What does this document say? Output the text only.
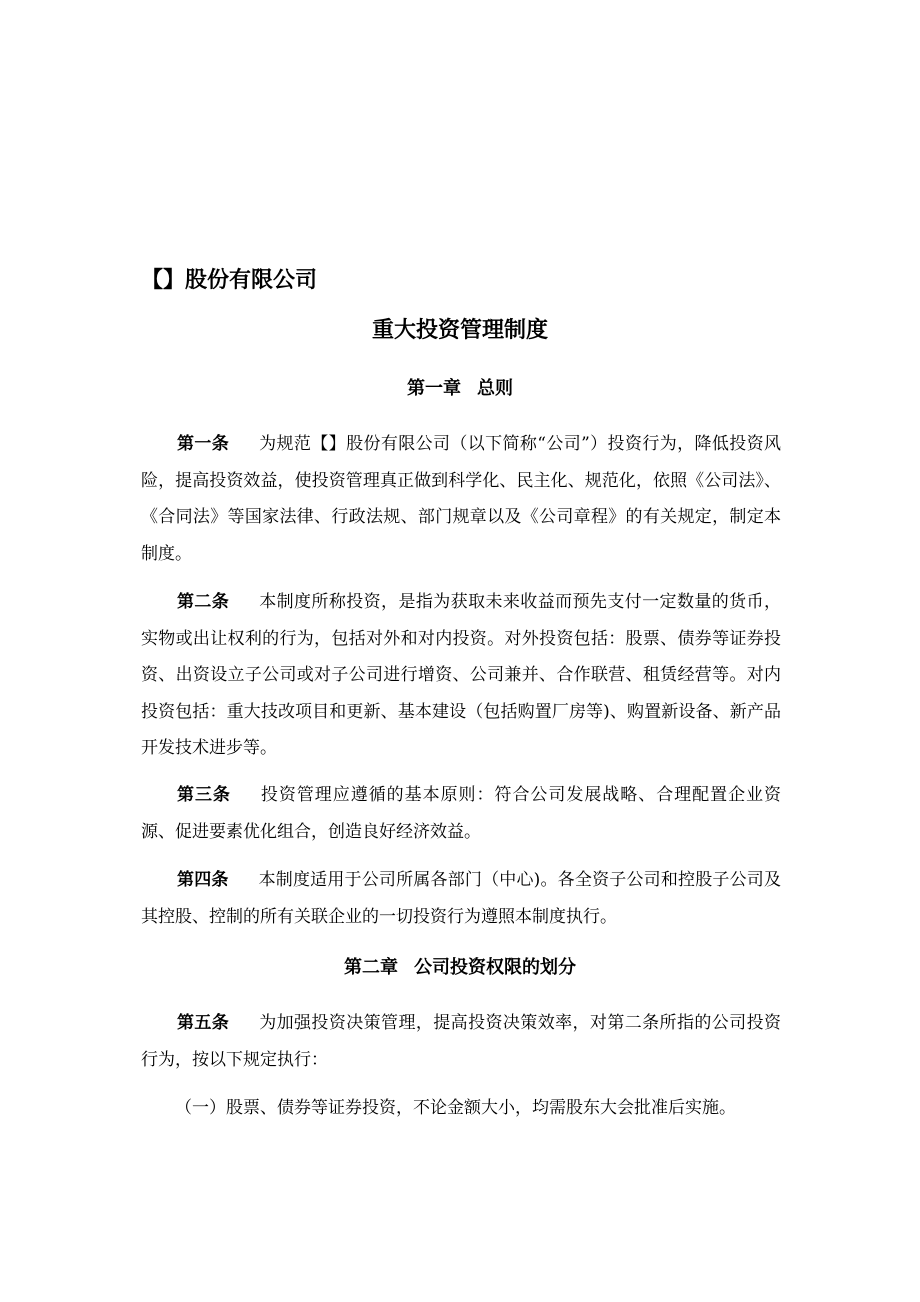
【】股份有限公司
重大投资管理制度
第一章 总则

第一条 为规范【】股份有限公司（以下简称“公司”）投资行为，降低投资风险，提高投资效益，使投资管理真正做到科学化、民主化、规范化，依照《公司法》、《合同法》等国家法律、行政法规、部门规章以及《公司章程》的有关规定，制定本制度。

第二条 本制度所称投资，是指为获取未来收益而预先支付一定数量的货币，实物或出让权利的行为，包括对外和对内投资。对外投资包括：股票、债券等证券投资、出资设立子公司或对子公司进行增资、公司兼并、合作联营、租赁经营等。对内投资包括：重大技改项目和更新、基本建设（包括购置厂房等)、购置新设备、新产品开发技术进步等。

第三条 投资管理应遵循的基本原则：符合公司发展战略、合理配置企业资源、促进要素优化组合，创造良好经济效益。

第四条 本制度适用于公司所属各部门（中心)。各全资子公司和控股子公司及其控股、控制的所有关联企业的一切投资行为遵照本制度执行。

第二章 公司投资权限的划分

第五条 为加强投资决策管理，提高投资决策效率，对第二条所指的公司投资行为，按以下规定执行：

（一）股票、债券等证券投资，不论金额大小，均需股东大会批准后实施。
